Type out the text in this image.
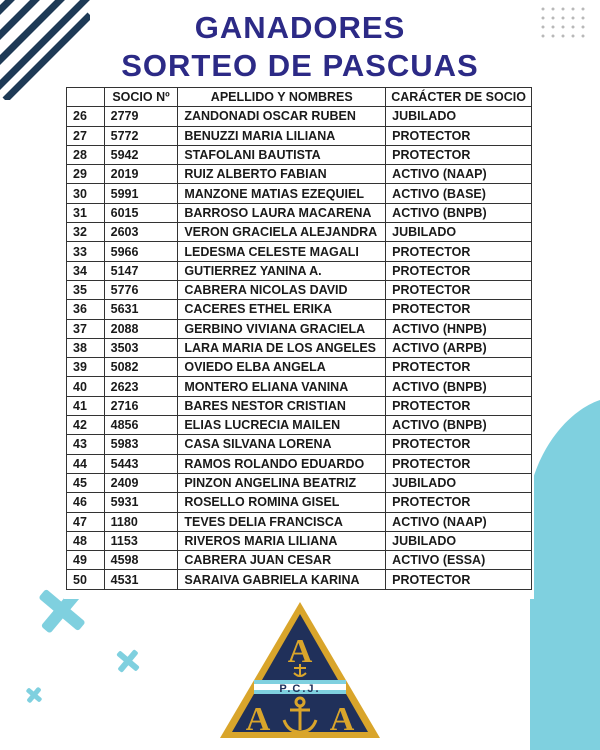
GANADORES
SORTEO DE PASCUAS
	SOCIO Nº	APELLIDO Y NOMBRES	CARÁCTER DE SOCIO
26	2779	ZANDONADI OSCAR RUBEN	JUBILADO
27	5772	BENUZZI MARIA LILIANA	PROTECTOR
28	5942	STAFOLANI BAUTISTA	PROTECTOR
29	2019	RUIZ ALBERTO FABIAN	ACTIVO (NAAP)
30	5991	MANZONE MATIAS EZEQUIEL	ACTIVO (BASE)
31	6015	BARROSO LAURA MACARENA	ACTIVO (BNPB)
32	2603	VERON GRACIELA ALEJANDRA	JUBILADO
33	5966	LEDESMA CELESTE MAGALI	PROTECTOR
34	5147	GUTIERREZ YANINA A.	PROTECTOR
35	5776	CABRERA NICOLAS DAVID	PROTECTOR
36	5631	CACERES ETHEL ERIKA	PROTECTOR
37	2088	GERBINO VIVIANA GRACIELA	ACTIVO (HNPB)
38	3503	LARA MARIA DE LOS ANGELES	ACTIVO (ARPB)
39	5082	OVIEDO ELBA ANGELA	PROTECTOR
40	2623	MONTERO ELIANA VANINA	ACTIVO (BNPB)
41	2716	BARES NESTOR CRISTIAN	PROTECTOR
42	4856	ELIAS LUCRECIA MAILEN	ACTIVO (BNPB)
43	5983	CASA SILVANA LORENA	PROTECTOR
44	5443	RAMOS ROLANDO EDUARDO	PROTECTOR
45	2409	PINZON ANGELINA BEATRIZ	JUBILADO
46	5931	ROSELLO ROMINA GISEL	PROTECTOR
47	1180	TEVES DELIA FRANCISCA	ACTIVO (NAAP)
48	1153	RIVEROS MARIA LILIANA	JUBILADO
49	4598	CABRERA JUAN CESAR	ACTIVO (ESSA)
50	4531	SARAIVA GABRIELA KARINA	PROTECTOR
A
A A
P.C.J.
